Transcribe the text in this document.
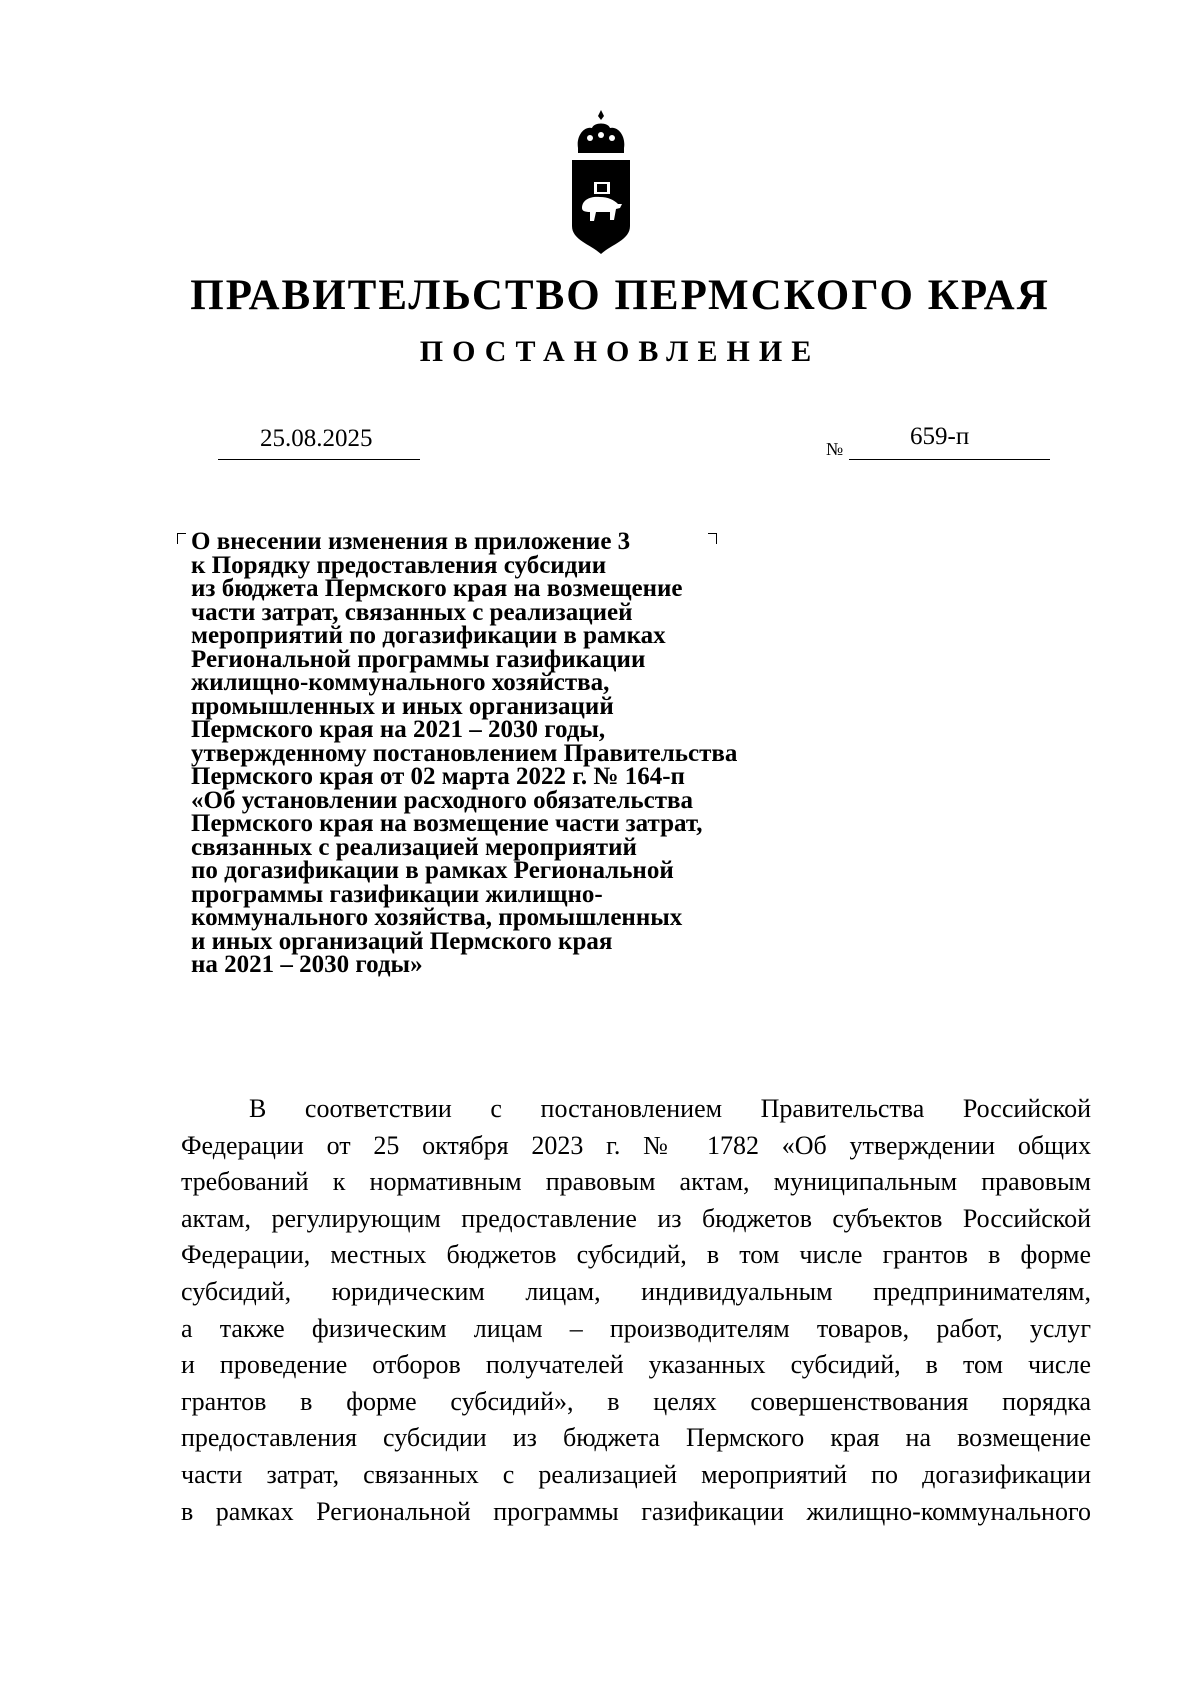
ПРАВИТЕЛЬСТВО ПЕРМСКОГО КРАЯ
ПОСТАНОВЛЕНИЕ
25.08.2025	№	659-п
О внесении изменения в приложение 3
к Порядку предоставления субсидии
из бюджета Пермского края на возмещение
части затрат, связанных с реализацией
мероприятий по догазификации в рамках
Региональной программы газификации
жилищно-коммунального хозяйства,
промышленных и иных организаций
Пермского края на 2021 – 2030 годы,
утвержденному постановлением Правительства
Пермского края от 02 марта 2022 г. № 164-п
«Об установлении расходного обязательства
Пермского края на возмещение части затрат,
связанных с реализацией мероприятий
по догазификации в рамках Региональной
программы газификации жилищно-
коммунального хозяйства, промышленных
и иных организаций Пермского края
на 2021 – 2030 годы»
В соответствии с постановлением Правительства Российской
Федерации от 25 октября 2023 г. № 1782 «Об утверждении общих
требований к нормативным правовым актам, муниципальным правовым
актам, регулирующим предоставление из бюджетов субъектов Российской
Федерации, местных бюджетов субсидий, в том числе грантов в форме
субсидий, юридическим лицам, индивидуальным предпринимателям,
а также физическим лицам – производителям товаров, работ, услуг
и проведение отборов получателей указанных субсидий, в том числе
грантов в форме субсидий», в целях совершенствования порядка
предоставления субсидии из бюджета Пермского края на возмещение
части затрат, связанных с реализацией мероприятий по догазификации
в рамках Региональной программы газификации жилищно-коммунального
